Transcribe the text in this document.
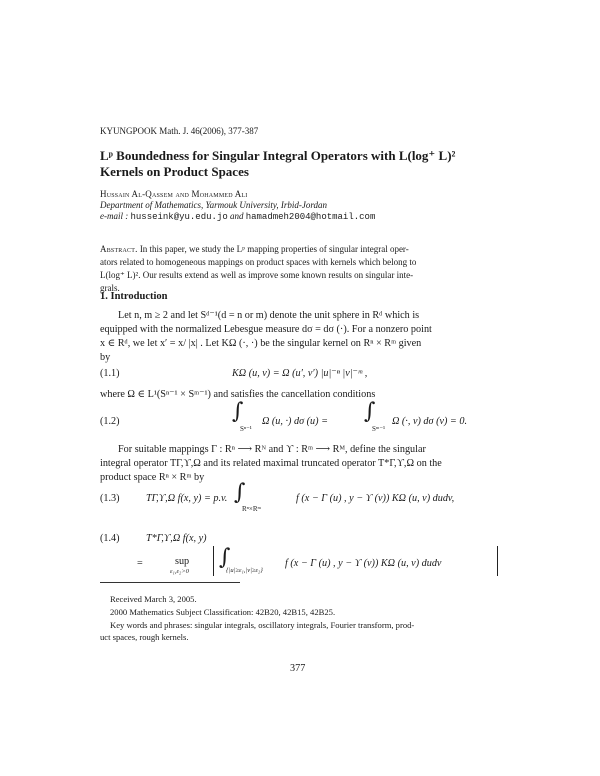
KYUNGPOOK Math. J. 46(2006), 377-387
Lᵖ Boundedness for Singular Integral Operators with L(log⁺ L)²
Kernels on Product Spaces
Hussain Al-Qassem and Mohammed Ali
Department of Mathematics, Yarmouk University, Irbid-Jordan
e-mail : husseink@yu.edu.jo and hamadmeh2004@hotmail.com
Abstract. In this paper, we study the Lᵖ mapping properties of singular integral oper-
ators related to homogeneous mappings on product spaces with kernels which belong to
L(log⁺ L)². Our results extend as well as improve some known results on singular inte-
grals.
1. Introduction
Let n, m ≥ 2 and let Sᵈ⁻¹(d = n or m) denote the unit sphere in Rᵈ which is
equipped with the normalized Lebesgue measure dσ = dσ (·). For a nonzero point
x ∈ Rᵈ, we let x′ = x/ |x| . Let KΩ (·, ·) be the singular kernel on Rⁿ × Rᵐ given
by
(1.1)	KΩ (u, v) = Ω (u′, v′) |u|⁻ⁿ |v|⁻ᵐ ,
where Ω ∈ L¹(Sⁿ⁻¹ × Sᵐ⁻¹) and satisfies the cancellation conditions
(1.2)	∫
Sⁿ⁻¹
Ω (u, ·) dσ (u) = ∫
Sᵐ⁻¹
Ω (·, v) dσ (v) = 0.
For suitable mappings Γ : Rⁿ ⟶ Rᴺ and ϒ : Rᵐ ⟶ Rᴹ, define the singular
integral operator TΓ,ϒ,Ω and its related maximal truncated operator T*Γ,ϒ,Ω on the
product space Rⁿ × Rᵐ by
(1.3)	TΓ,ϒ,Ω f(x, y) = p.v. ∫
Rⁿ×Rᵐ
f (x − Γ (u) , y − ϒ (v)) KΩ (u, v) dudv,
(1.4)	T*Γ,ϒ,Ω f(x, y)
=	sup
ε₁,ε₂>0
∫
{|u|≥ε₁,|v|≥ε₂}
f (x − Γ (u) , y − ϒ (v)) KΩ (u, v) dudv
Received March 3, 2005.
2000 Mathematics Subject Classification: 42B20, 42B15, 42B25.
Key words and phrases: singular integrals, oscillatory integrals, Fourier transform, prod-
uct spaces, rough kernels.
377
